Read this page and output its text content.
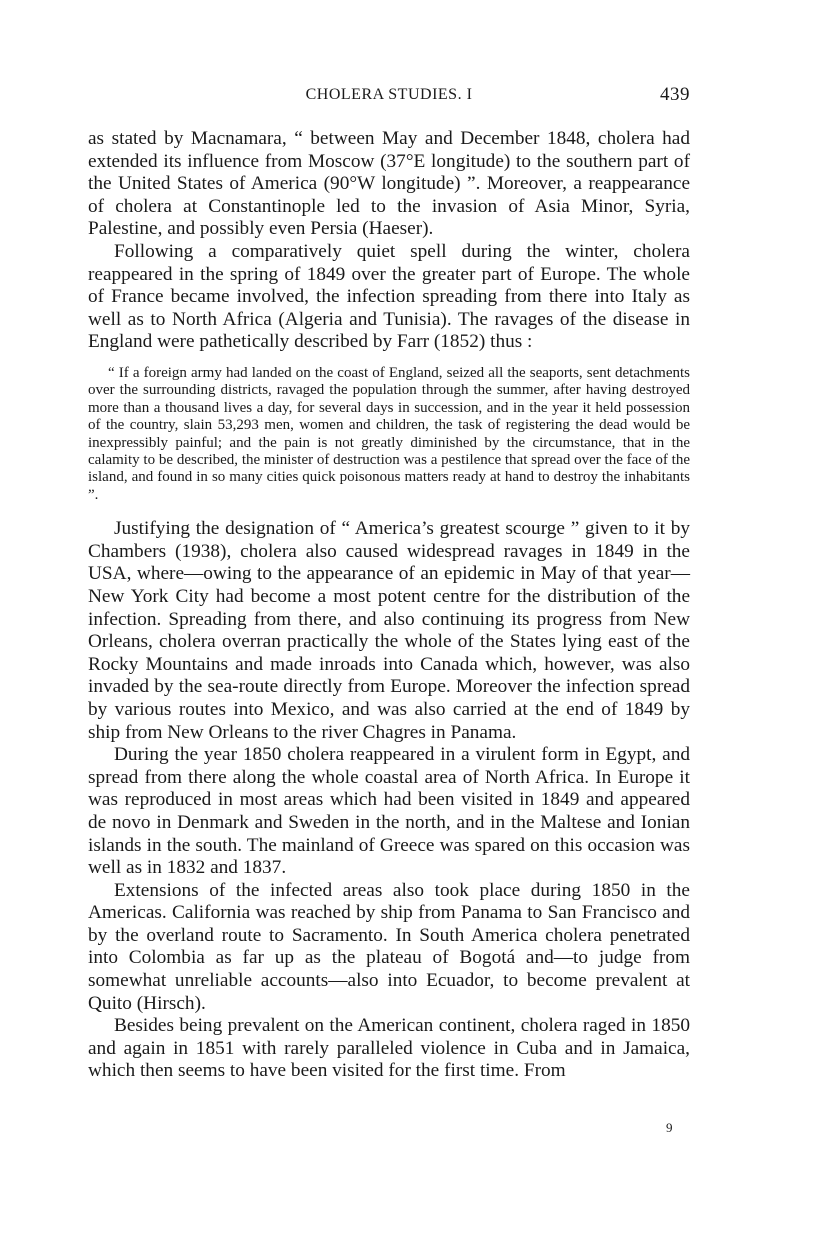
CHOLERA STUDIES. I	439

as stated by Macnamara, “ between May and December 1848, cholera had extended its influence from Moscow (37°E longitude) to the southern part of the United States of America (90°W longitude) ”. Moreover, a reappearance of cholera at Constantinople led to the invasion of Asia Minor, Syria, Palestine, and possibly even Persia (Haeser).

Following a comparatively quiet spell during the winter, cholera reappeared in the spring of 1849 over the greater part of Europe. The whole of France became involved, the infection spreading from there into Italy as well as to North Africa (Algeria and Tunisia). The ravages of the disease in England were pathetically described by Farr (1852) thus :

“ If a foreign army had landed on the coast of England, seized all the seaports, sent detachments over the surrounding districts, ravaged the population through the summer, after having destroyed more than a thousand lives a day, for several days in succession, and in the year it held possession of the country, slain 53,293 men, women and children, the task of registering the dead would be inexpressibly painful; and the pain is not greatly diminished by the circumstance, that in the calamity to be described, the minister of destruction was a pestilence that spread over the face of the island, and found in so many cities quick poisonous matters ready at hand to destroy the inhabitants ”.

Justifying the designation of “ America’s greatest scourge ” given to it by Chambers (1938), cholera also caused widespread ravages in 1849 in the USA, where—owing to the appearance of an epidemic in May of that year—New York City had become a most potent centre for the distribution of the infection. Spreading from there, and also continuing its progress from New Orleans, cholera overran practically the whole of the States lying east of the Rocky Mountains and made inroads into Canada which, however, was also invaded by the sea-route directly from Europe. Moreover the infection spread by various routes into Mexico, and was also carried at the end of 1849 by ship from New Orleans to the river Chagres in Panama.

During the year 1850 cholera reappeared in a virulent form in Egypt, and spread from there along the whole coastal area of North Africa. In Europe it was reproduced in most areas which had been visited in 1849 and appeared de novo in Denmark and Sweden in the north, and in the Maltese and Ionian islands in the south. The mainland of Greece was spared on this occasion was well as in 1832 and 1837.

Extensions of the infected areas also took place during 1850 in the Americas. California was reached by ship from Panama to San Francisco and by the overland route to Sacramento. In South America cholera penetrated into Colombia as far up as the plateau of Bogotá and—to judge from somewhat unreliable accounts—also into Ecuador, to become prevalent at Quito (Hirsch).

Besides being prevalent on the American continent, cholera raged in 1850 and again in 1851 with rarely paralleled violence in Cuba and in Jamaica, which then seems to have been visited for the first time. From

9
